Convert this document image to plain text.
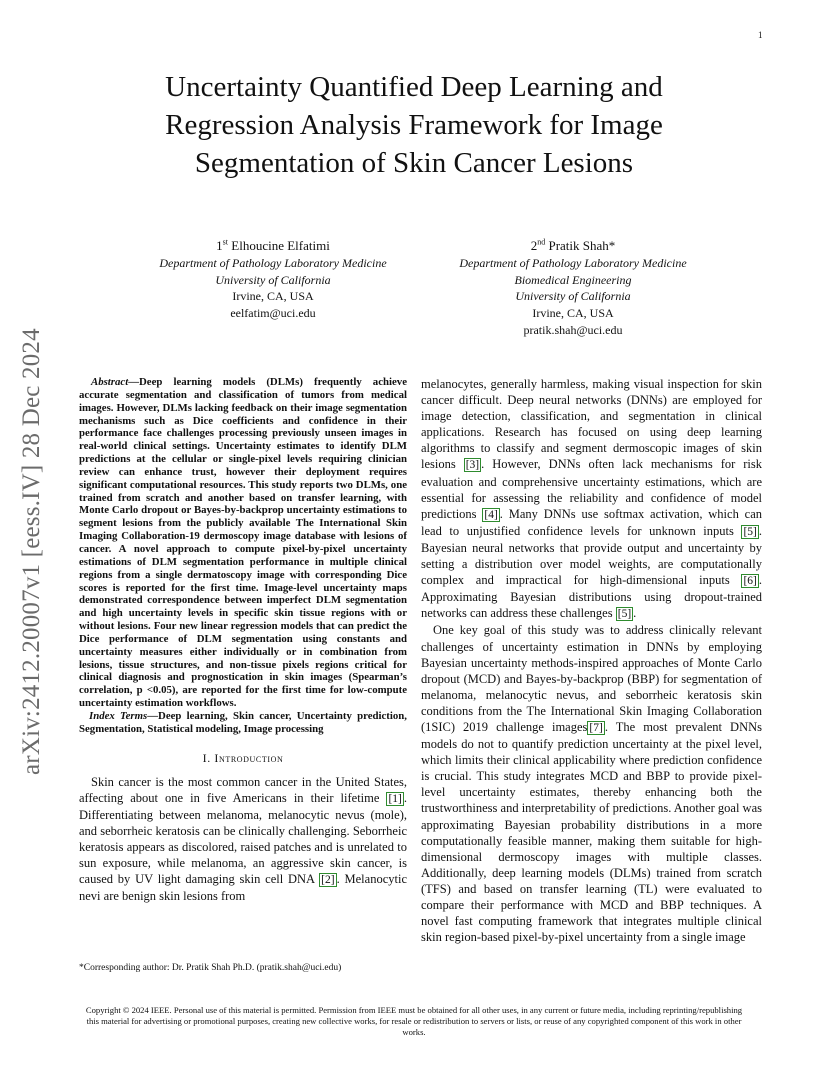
1
arXiv:2412.20007v1 [eess.IV] 28 Dec 2024
Uncertainty Quantified Deep Learning and
Regression Analysis Framework for Image
Segmentation of Skin Cancer Lesions
1st Elhoucine Elfatimi
Department of Pathology Laboratory Medicine
University of California
Irvine, CA, USA
eelfatim@uci.edu
2nd Pratik Shah*
Department of Pathology Laboratory Medicine
Biomedical Engineering
University of California
Irvine, CA, USA
pratik.shah@uci.edu

Abstract—Deep learning models (DLMs) frequently achieve accurate segmentation and classification of tumors from medical images. However, DLMs lacking feedback on their image segmentation mechanisms such as Dice coefficients and confidence in their performance face challenges processing previously unseen images in real-world clinical settings. Uncertainty estimates to identify DLM predictions at the cellular or single-pixel levels requiring clinician review can enhance trust, however their deployment requires significant computational resources. This study reports two DLMs, one trained from scratch and another based on transfer learning, with Monte Carlo dropout or Bayes-by-backprop uncertainty estimations to segment lesions from the publicly available The International Skin Imaging Collaboration-19 dermoscopy image database with lesions of cancer. A novel approach to compute pixel-by-pixel uncertainty estimations of DLM segmentation performance in multiple clinical regions from a single dermatoscopy image with corresponding Dice scores is reported for the first time. Image-level uncertainty maps demonstrated correspondence between imperfect DLM segmentation and high uncertainty levels in specific skin tissue regions with or without lesions. Four new linear regression models that can predict the Dice performance of DLM segmentation using constants and uncertainty measures either individually or in combination from lesions, tissue structures, and non-tissue pixels regions critical for clinical diagnosis and prognostication in skin images (Spearman’s correlation, p <0.05), are reported for the first time for low-compute uncertainty estimation workflows.

Index Terms—Deep learning, Skin cancer, Uncertainty prediction, Segmentation, Statistical modeling, Image processing

I. Introduction

Skin cancer is the most common cancer in the United States, affecting about one in five Americans in their lifetime [1] . Differentiating between melanoma, melanocytic nevus (mole), and seborrheic keratosis can be clinically challenging. Seborrheic keratosis appears as discolored, raised patches and is unrelated to sun exposure, while melanoma, an aggressive skin cancer, is caused by UV light damaging skin cell DNA [2] . Melanocytic nevi are benign skin lesions from

melanocytes, generally harmless, making visual inspection for skin cancer difficult. Deep neural networks (DNNs) are employed for image detection, classification, and segmentation in clinical applications. Research has focused on using deep learning algorithms to classify and segment dermoscopic images of skin lesions [3] . However, DNNs often lack mechanisms for risk evaluation and comprehensive uncertainty estimations, which are essential for assessing the reliability and confidence of model predictions [4] . Many DNNs use softmax activation, which can lead to unjustified confidence levels for unknown inputs [5] . Bayesian neural networks that provide output and uncertainty by setting a distribution over model weights, are computationally complex and impractical for high-dimensional inputs [6] . Approximating Bayesian distributions using dropout-trained networks can address these challenges [5] .

One key goal of this study was to address clinically relevant challenges of uncertainty estimation in DNNs by employing Bayesian uncertainty methods-inspired approaches of Monte Carlo dropout (MCD) and Bayes-by-backprop (BBP) for segmentation of melanoma, melanocytic nevus, and seborrheic keratosis skin conditions from the The International Skin Imaging Collaboration (1SIC) 2019 challenge images [7] . The most prevalent DNNs models do not to quantify prediction uncertainty at the pixel level, which limits their clinical applicability where prediction confidence is crucial. This study integrates MCD and BBP to provide pixel-level uncertainty estimates, thereby enhancing both the trustworthiness and interpretability of predictions. Another goal was approximating Bayesian probability distributions in a more computationally feasible manner, making them suitable for high-dimensional dermoscopy images with multiple classes. Additionally, deep learning models (DLMs) trained from scratch (TFS) and based on transfer learning (TL) were evaluated to compare their performance with MCD and BBP techniques. A novel fast computing framework that integrates multiple clinical skin region-based pixel-by-pixel uncertainty from a single image

*Corresponding author: Dr. Pratik Shah Ph.D. (pratik.shah@uci.edu)
Copyright © 2024 IEEE. Personal use of this material is permitted. Permission from IEEE must be obtained for all other uses, in any current or future media, including reprinting/republishing this material for advertising or promotional purposes, creating new collective works, for resale or redistribution to servers or lists, or reuse of any copyrighted component of this work in other works.
